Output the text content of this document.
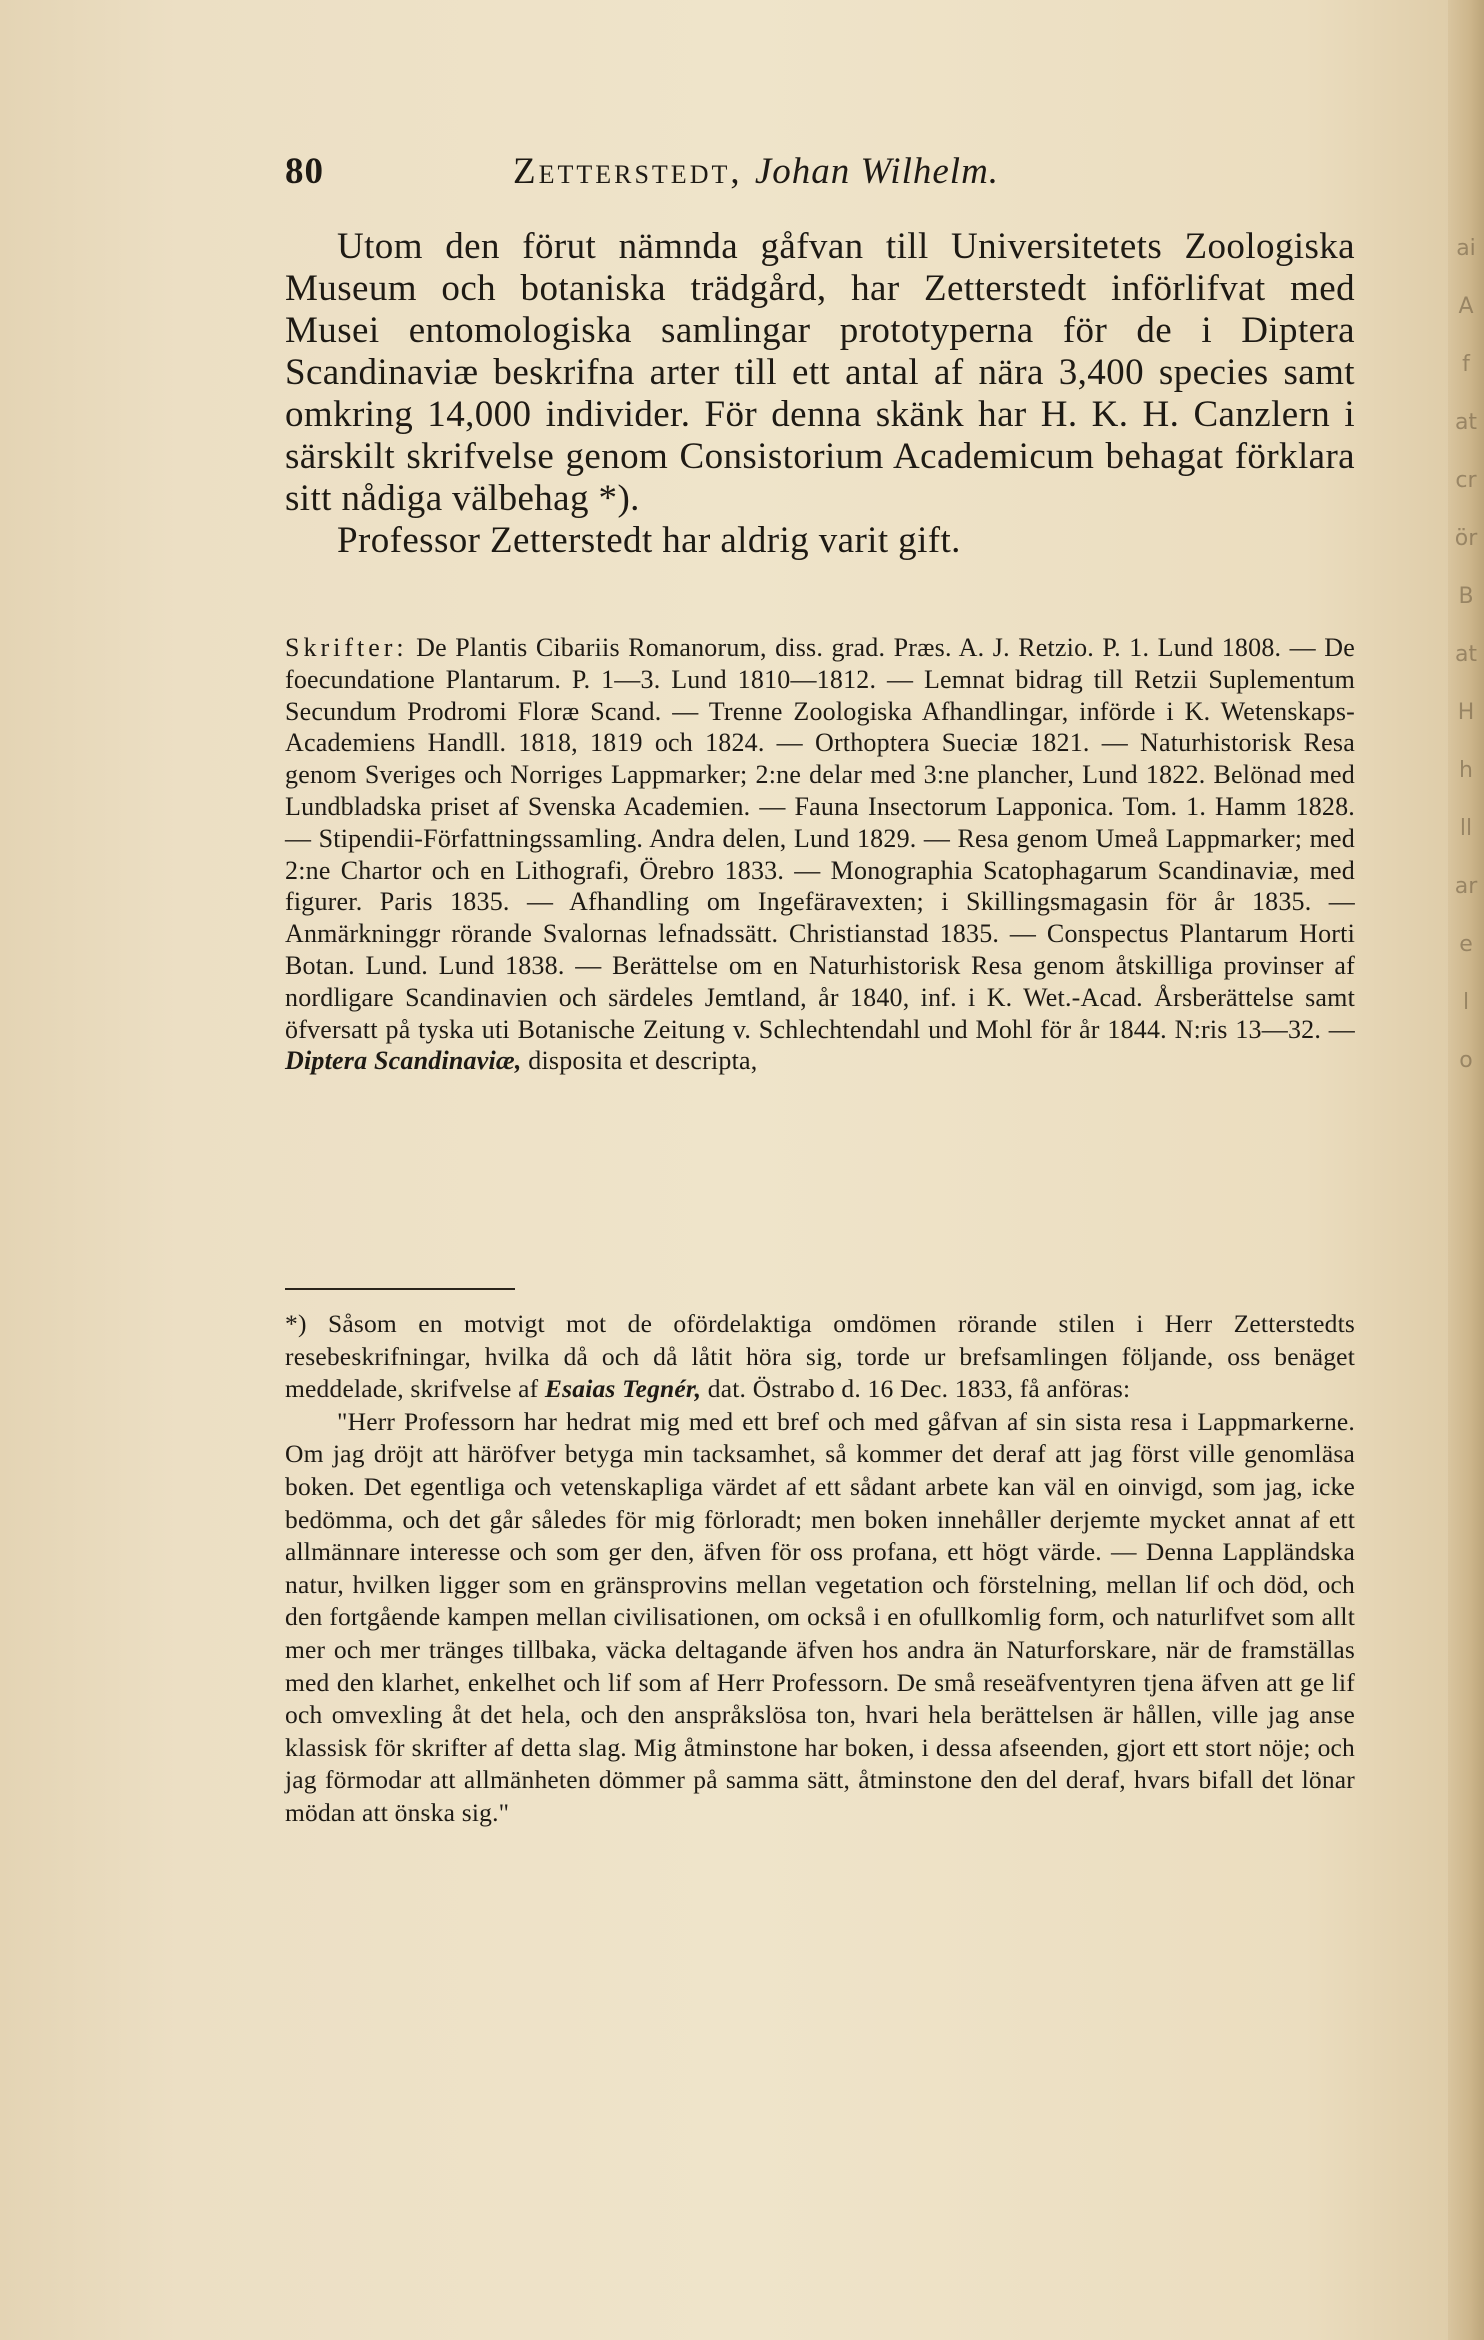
ai
A
f
at
cr
ör
B
at
H
h
ll
ar
e
l
o
80	Zetterstedt, Johan Wilhelm.

Utom den förut nämnda gåfvan till Universitetets Zoologiska Museum och botaniska trädgård, har Zetterstedt införlifvat med Musei entomologiska samlingar prototyperna för de i Diptera Scandinaviæ beskrifna arter till ett antal af nära 3,400 species samt omkring 14,000 individer. För denna skänk har H. K. H. Canzlern i särskilt skrifvelse genom Consistorium Academicum behagat förklara sitt nådiga välbehag *).

Professor Zetterstedt har aldrig varit gift.

Skrifter: De Plantis Cibariis Romanorum, diss. grad. Præs. A. J. Retzio. P. 1. Lund 1808. — De foecundatione Plantarum. P. 1—3. Lund 1810—1812. — Lemnat bidrag till Retzii Suplementum Secundum Prodromi Floræ Scand. — Trenne Zoologiska Afhandlingar, införde i K. Wetenskaps-Academiens Handll. 1818, 1819 och 1824. — Orthoptera Sueciæ 1821. — Naturhistorisk Resa genom Sveriges och Norriges Lappmarker; 2:ne delar med 3:ne plancher, Lund 1822. Belönad med Lundbladska priset af Svenska Academien. — Fauna Insectorum Lapponica. Tom. 1. Hamm 1828. — Stipendii-Författningssamling. Andra delen, Lund 1829. — Resa genom Umeå Lappmarker; med 2:ne Chartor och en Lithografi, Örebro 1833. — Monographia Scatophagarum Scandinaviæ, med figurer. Paris 1835. — Afhandling om Ingefäravexten; i Skillingsmagasin för år 1835. — Anmärkninggr rörande Svalornas lefnadssätt. Christianstad 1835. — Conspectus Plantarum Horti Botan. Lund. Lund 1838. — Berättelse om en Naturhistorisk Resa genom åtskilliga provinser af nordligare Scandinavien och särdeles Jemtland, år 1840, inf. i K. Wet.-Acad. Årsberättelse samt öfversatt på tyska uti Botanische Zeitung v. Schlechtendahl und Mohl för år 1844. N:ris 13—32. — Diptera Scandinaviæ, disposita et descripta,

*) Såsom en motvigt mot de ofördelaktiga omdömen rörande stilen i Herr Zetterstedts resebeskrifningar, hvilka då och då låtit höra sig, torde ur brefsamlingen följande, oss benäget meddelade, skrifvelse af Esaias Tegnér, dat. Östrabo d. 16 Dec. 1833, få anföras:

"Herr Professorn har hedrat mig med ett bref och med gåfvan af sin sista resa i Lappmarkerne. Om jag dröjt att häröfver betyga min tacksamhet, så kommer det deraf att jag först ville genomläsa boken. Det egentliga och vetenskapliga värdet af ett sådant arbete kan väl en oinvigd, som jag, icke bedömma, och det går således för mig förloradt; men boken innehåller derjemte mycket annat af ett allmännare interesse och som ger den, äfven för oss profana, ett högt värde. — Denna Lappländska natur, hvilken ligger som en gränsprovins mellan vegetation och förstelning, mellan lif och död, och den fortgående kampen mellan civilisationen, om också i en ofullkomlig form, och naturlifvet som allt mer och mer tränges tillbaka, väcka deltagande äfven hos andra än Naturforskare, när de framställas med den klarhet, enkelhet och lif som af Herr Professorn. De små reseäfventyren tjena äfven att ge lif och omvexling åt det hela, och den anspråkslösa ton, hvari hela berättelsen är hållen, ville jag anse klassisk för skrifter af detta slag. Mig åtminstone har boken, i dessa afseenden, gjort ett stort nöje; och jag förmodar att allmänheten dömmer på samma sätt, åtminstone den del deraf, hvars bifall det lönar mödan att önska sig."
